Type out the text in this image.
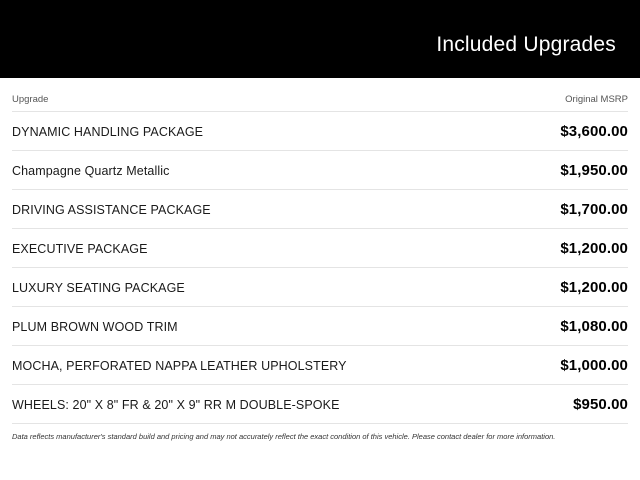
Included Upgrades
Upgrade	Original MSRP
DYNAMIC HANDLING PACKAGE	$3,600.00
Champagne Quartz Metallic	$1,950.00
DRIVING ASSISTANCE PACKAGE	$1,700.00
EXECUTIVE PACKAGE	$1,200.00
LUXURY SEATING PACKAGE	$1,200.00
PLUM BROWN WOOD TRIM	$1,080.00
MOCHA, PERFORATED NAPPA LEATHER UPHOLSTERY	$1,000.00
WHEELS: 20" X 8" FR & 20" X 9" RR M DOUBLE-SPOKE	$950.00
Data reflects manufacturer's standard build and pricing and may not accurately reflect the exact condition of this vehicle. Please contact dealer for more information.
